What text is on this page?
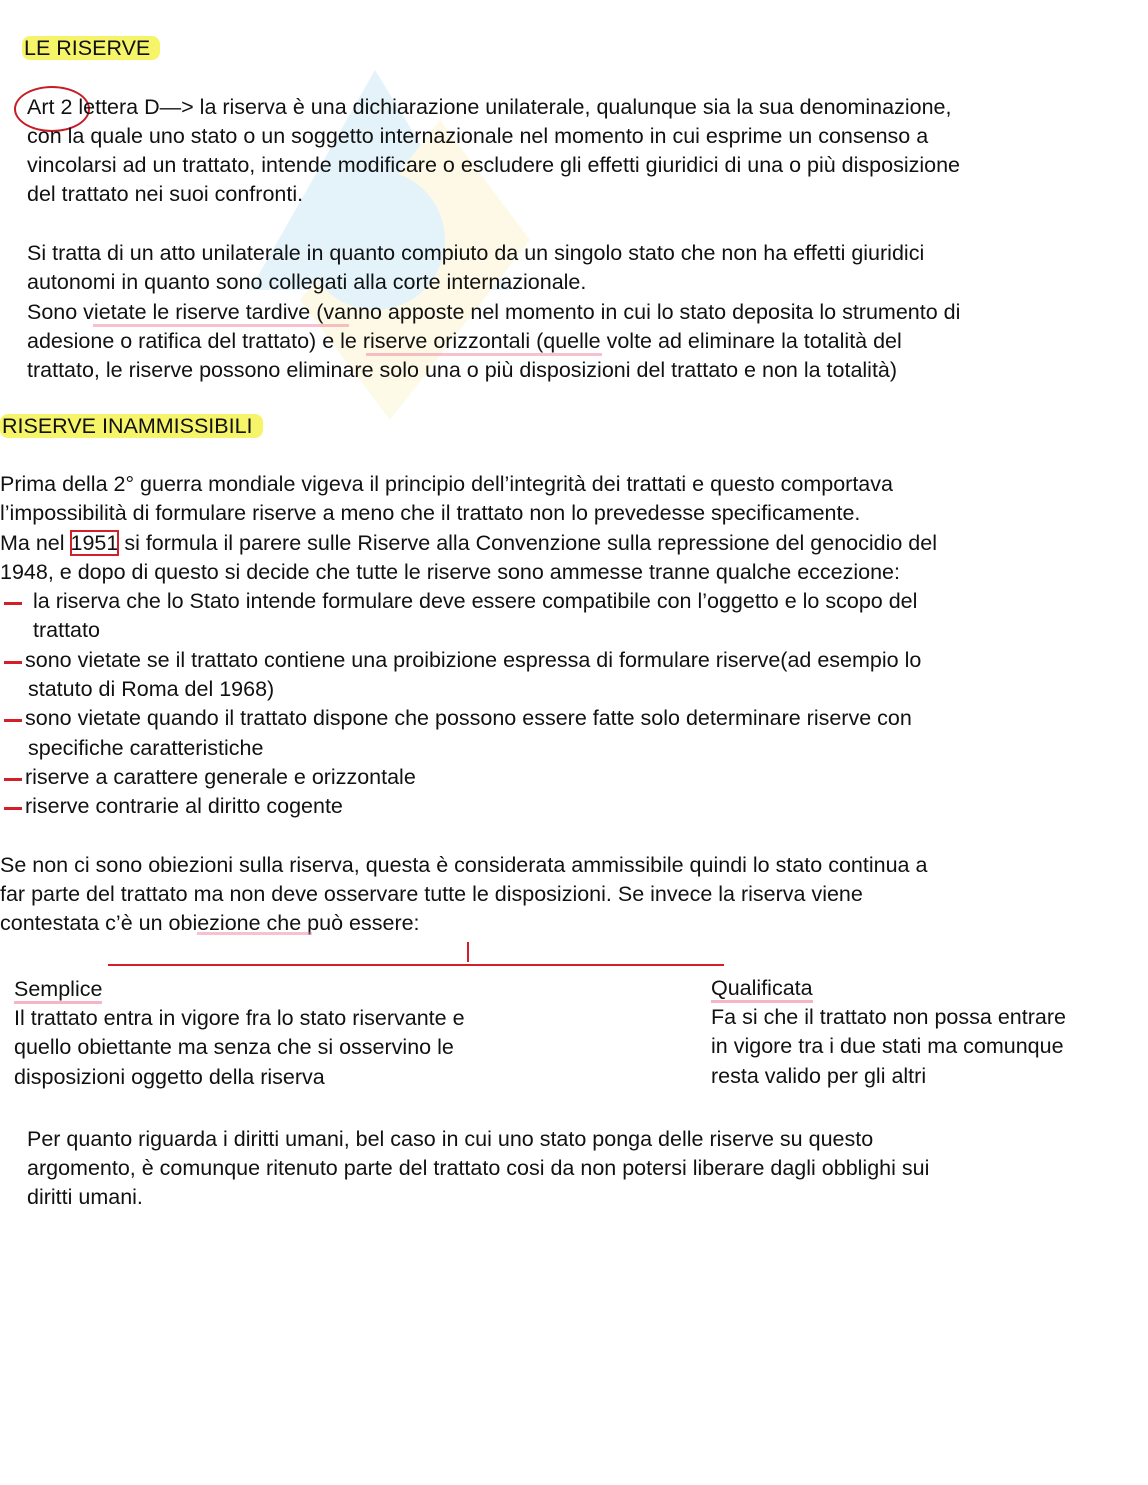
LE RISERVE
Art 2 lettera D—> la riserva è una dichiarazione unilaterale, qualunque sia la sua denominazione,
con la quale uno stato o un soggetto internazionale nel momento in cui esprime un consenso a
vincolarsi ad un trattato, intende modificare o escludere gli effetti giuridici di una o più disposizione
del trattato nei suoi confronti.
Si tratta di un atto unilaterale in quanto compiuto da un singolo stato che non ha effetti giuridici
autonomi in quanto sono collegati alla corte internazionale.
Sono vietate le riserve tardive (vanno apposte nel momento in cui lo stato deposita lo strumento di
adesione o ratifica del trattato) e le riserve orizzontali (quelle volte ad eliminare la totalità del
trattato, le riserve possono eliminare solo una o più disposizioni del trattato e non la totalità)
RISERVE INAMMISSIBILI
Prima della 2° guerra mondiale vigeva il principio dell’integrità dei trattati e questo comportava
l’impossibilità di formulare riserve a meno che il trattato non lo prevedesse specificamente.
Ma nel 1951 si formula il parere sulle Riserve alla Convenzione sulla repressione del genocidio del
1948, e dopo di questo si decide che tutte le riserve sono ammesse tranne qualche eccezione:
la riserva che lo Stato intende formulare deve essere compatibile con l’oggetto e lo scopo del
trattato
sono vietate se il trattato contiene una proibizione espressa di formulare riserve(ad esempio lo
statuto di Roma del 1968)
sono vietate quando il trattato dispone che possono essere fatte solo determinare riserve con
specifiche caratteristiche
riserve a carattere generale e orizzontale
riserve contrarie al diritto cogente
Se non ci sono obiezioni sulla riserva, questa è considerata ammissibile quindi lo stato continua a
far parte del trattato ma non deve osservare tutte le disposizioni. Se invece la riserva viene
contestata c’è un obiezione che può essere:
Semplice
Il trattato entra in vigore fra lo stato riservante e
quello obiettante ma senza che si osservino le
disposizioni oggetto della riserva
Qualificata
Fa si che il trattato non possa entrare
in vigore tra i due stati ma comunque
resta valido per gli altri
Per quanto riguarda i diritti umani, bel caso in cui uno stato ponga delle riserve su questo
argomento, è comunque ritenuto parte del trattato cosi da non potersi liberare dagli obblighi sui
diritti umani.
